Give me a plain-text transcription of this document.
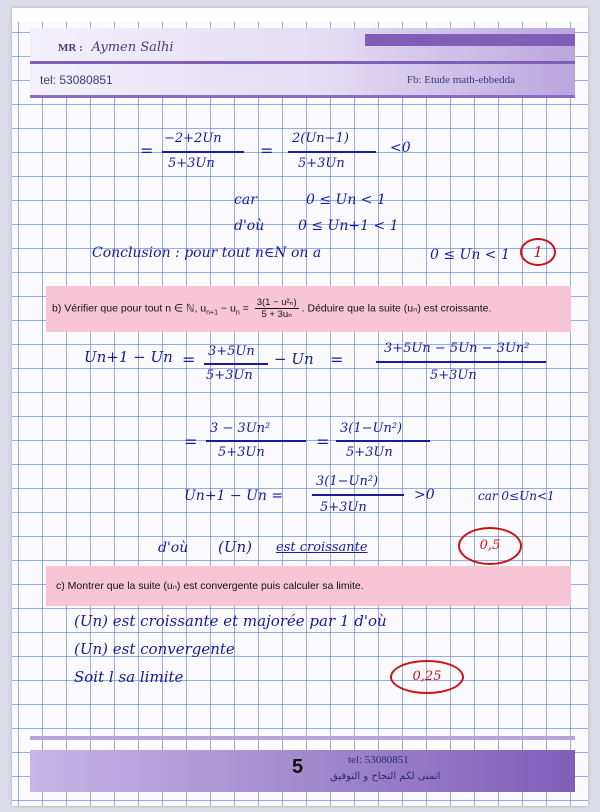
MR : Aymen Salhi
tel: 53080851	Fb: Etude math-ebbedda
=
−2+2Un
5+3Un
=
2(Un−1)
5+3Un
<0
car	0 ≤ Un < 1
d'où 0 ≤ Un+1 < 1
Conclusion : pour tout n∈N on a	0 ≤ Un < 1	1
b) Vérifier que pour tout n ∈ ℕ, $u_{n+1} - u_n = \frac{\text{3(1 − u²ₙ)}}{\text{5 + 3uₙ}}$ . Déduire que la suite (uₙ) est croissante.
Un+1 − Un = 3+5Un
5+3Un
− Un =
3+5Un − 5Un − 3Un²
5+3Un
=
3 − 3Un²
5+3Un
=
3(1−Un²)
5+3Un
Un+1 − Un =
3(1−Un²)
5+3Un
>0	car 0≤Un<1
d'où (Un) est croissante	0,5
c) Montrer que la suite (uₙ) est convergente puis calculer sa limite.
(Un) est croissante et majorée par 1 d'où
(Un) est convergente
Soit l sa limite	0,25
5	tel: 53080851
اتمنى لكم النجاح و التوفيق
